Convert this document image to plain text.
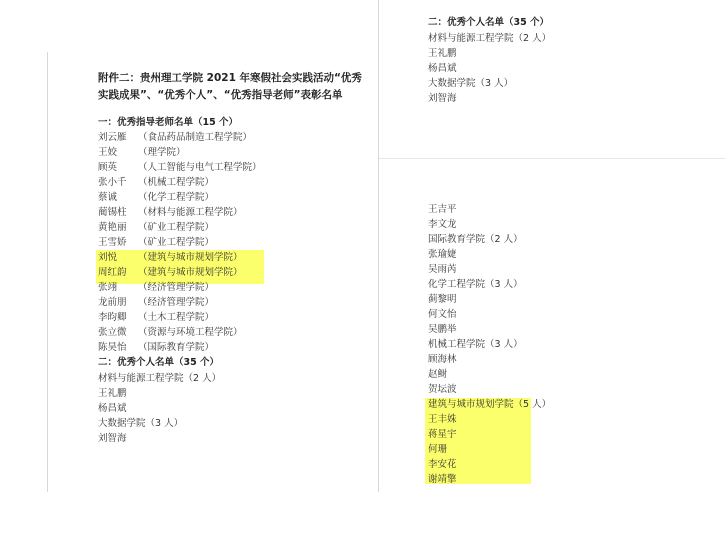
附件二：贵州理工学院 2021 年寒假社会实践活动“优秀实践成果”、“优秀个人”、“优秀指导老师”表彰名单
一：优秀指导老师名单（15 个）
刘云雁 （食品药品制造工程学院）
王姣 （理学院）
顾英 （人工智能与电气工程学院）
张小千 （机械工程学院）
蔡诚 （化学工程学院）
蔺锡柱 （材料与能源工程学院）
黄艳丽 （矿业工程学院）
王雪娇 （矿业工程学院）
刘悦 （建筑与城市规划学院）
周红韵 （建筑与城市规划学院）
张翊 （经济管理学院）
龙前朋 （经济管理学院）
李昀卿 （土木工程学院）
张立微 （资源与环境工程学院）
陈昊怡 （国际教育学院）
二：优秀个人名单（35 个）
材料与能源工程学院（2 人）
王礼鹏
杨昌斌
大数据学院（3 人）
刘智海
二：优秀个人名单（35 个）
材料与能源工程学院（2 人）
王礼鹏
杨昌斌
大数据学院（3 人）
刘智海
王吉平
李文龙
国际教育学院（2 人）
张瑜婕
吴雨芮
化学工程学院（3 人）
蓟黎明
何文怡
吴鹏举
机械工程学院（3 人）
顾海林
赵鲥
贺坛波
建筑与城市规划学院（5 人）
王丰姝
蒋星宇
何珊
李安花
谢靖擎
